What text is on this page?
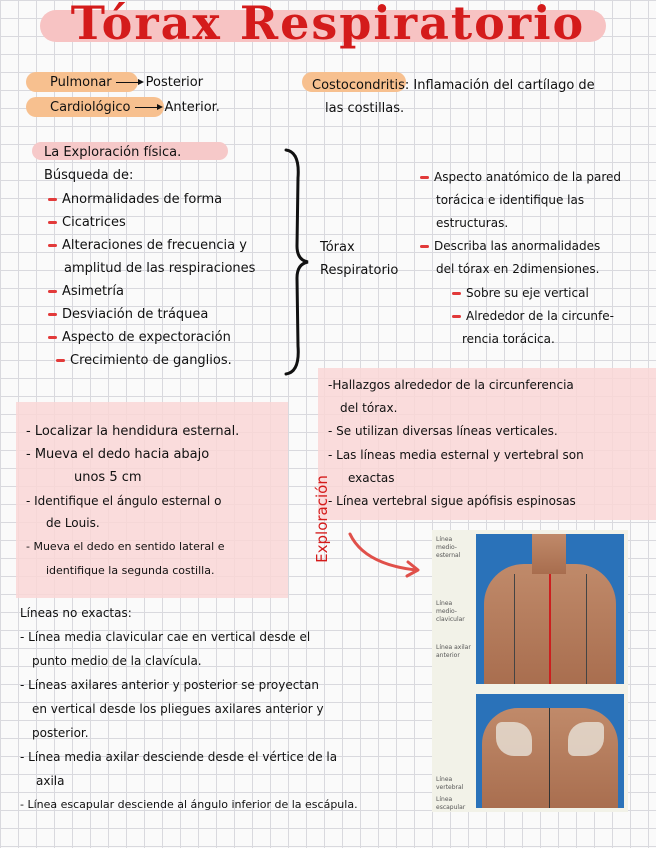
Tórax Respiratorio
Pulmonar	Posterior
Cardiológico	Anterior.
Costocondritis: Inflamación del cartílago de
las costillas.
La Exploración física.
Búsqueda de:
Anormalidades de forma
Cicatrices
Alteraciones de frecuencia y
amplitud de las respiraciones
Asimetría
Desviación de tráquea
Aspecto de expectoración
Crecimiento de ganglios.
Tórax
Respiratorio
Aspecto anatómico de la pared
torácica e identifique las
estructuras.
Describa las anormalidades
del tórax en 2dimensiones.
Sobre su eje vertical
Alrededor de la circunfe-
rencia torácica.
-Hallazgos alrededor de la circunferencia
del tórax.
- Se utilizan diversas líneas verticales.
- Las líneas media esternal y vertebral son
exactas
- Línea vertebral sigue apófisis espinosas
- Localizar la hendidura esternal.
- Mueva el dedo hacia abajo
unos 5 cm
- Identifique el ángulo esternal o
de Louis.
- Mueva el dedo en sentido lateral e
identifique la segunda costilla.
Exploración	Línea medio-esternal
Línea medio-clavicular
Línea axilar anterior
Línea vertebral
Línea escapular
Líneas no exactas:
- Línea media clavicular cae en vertical desde el
punto medio de la clavícula.
- Líneas axilares anterior y posterior se proyectan
en vertical desde los pliegues axilares anterior y
posterior.
- Línea media axilar desciende desde el vértice de la
axila
- Línea escapular desciende al ángulo inferior de la escápula.
